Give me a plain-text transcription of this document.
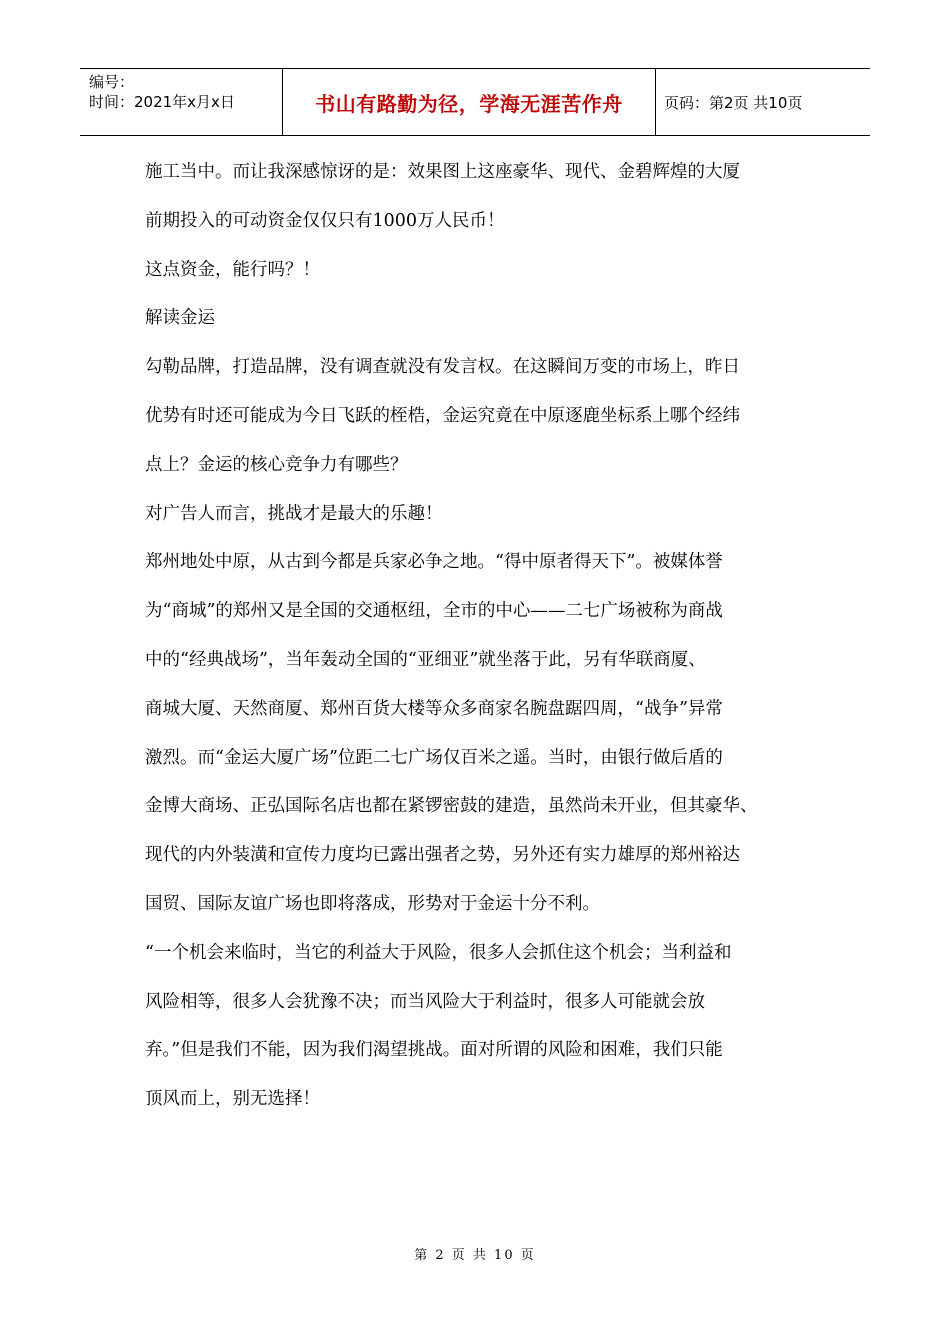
编号：
时间：2021年x月x日	书山有路勤为径，学海无涯苦作舟	页码：第2页 共10页

施工当中。而让我深感惊讶的是：效果图上这座豪华、现代、金碧辉煌的大厦

前期投入的可动资金仅仅只有1000万人民币！

这点资金，能行吗？！

解读金运

勾勒品牌，打造品牌，没有调查就没有发言权。在这瞬间万变的市场上，昨日

优势有时还可能成为今日飞跃的桎梏，金运究竟在中原逐鹿坐标系上哪个经纬

点上？金运的核心竞争力有哪些？

对广告人而言，挑战才是最大的乐趣！

郑州地处中原，从古到今都是兵家必争之地。“得中原者得天下”。被媒体誉

为“商城”的郑州又是全国的交通枢纽，全市的中心——二七广场被称为商战

中的“经典战场”，当年轰动全国的“亚细亚”就坐落于此，另有华联商厦、

商城大厦、天然商厦、郑州百货大楼等众多商家名腕盘踞四周，“战争”异常

激烈。而“金运大厦广场”位距二七广场仅百米之遥。当时，由银行做后盾的

金博大商场、正弘国际名店也都在紧锣密鼓的建造，虽然尚未开业，但其豪华、

现代的内外装潢和宣传力度均已露出强者之势，另外还有实力雄厚的郑州裕达

国贸、国际友谊广场也即将落成，形势对于金运十分不利。

“一个机会来临时，当它的利益大于风险，很多人会抓住这个机会；当利益和

风险相等，很多人会犹豫不决；而当风险大于利益时，很多人可能就会放

弃。”但是我们不能，因为我们渴望挑战。面对所谓的风险和困难，我们只能

顶风而上，别无选择！

第 2 页 共 10 页
